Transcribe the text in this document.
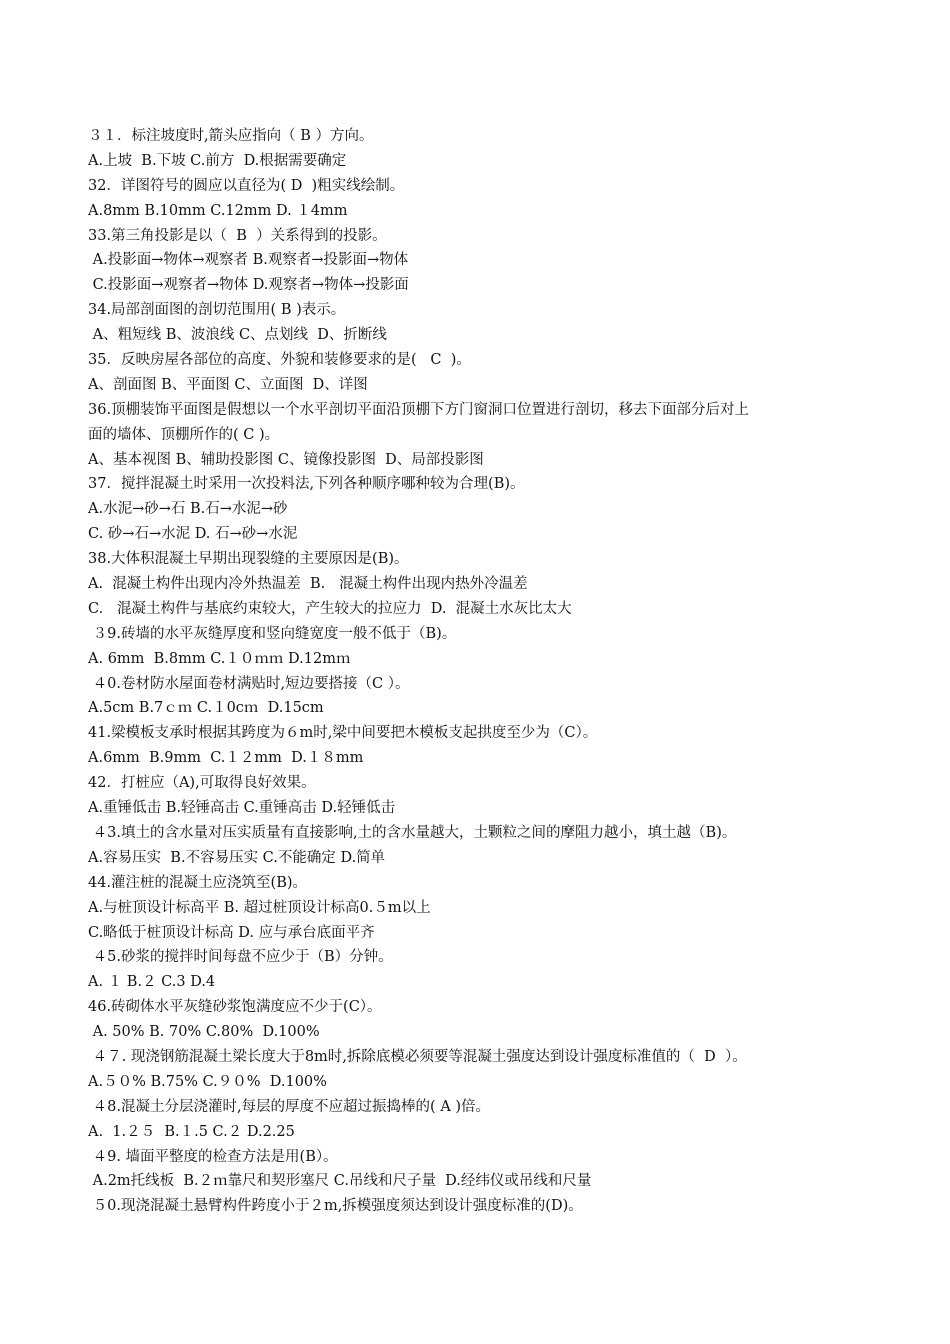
３１．标注坡度时,箭头应指向（ B ）方向。
A.上坡  B.下坡 C.前方  D.根据需要确定
32．详图符号的圆应以直径为( D  )粗实线绘制。
A.8mm B.10mm C.12mm D. １4mm
33.第三角投影是以（  B  ）关系得到的投影。
A.投影面→物体→观察者 B.观察者→投影面→物体
C.投影面→观察者→物体 D.观察者→物体→投影面
34.局部剖面图的剖切范围用( B )表示。
A、粗短线 B、波浪线 C、点划线  D、折断线
35．反映房屋各部位的高度、外貌和装修要求的是(   C  )。
A、剖面图 B、平面图 C、立面图  D、详图
36.顶棚装饰平面图是假想以一个水平剖切平面沿顶棚下方门窗洞口位置进行剖切，移去下面部分后对上
面的墙体、顶棚所作的( C )。
A、基本视图 B、辅助投影图 C、镜像投影图  D、局部投影图
37．搅拌混凝土时采用一次投料法,下列各种顺序哪种较为合理(B)。
A.水泥→砂→石 B.石→水泥→砂
C. 砂→石→水泥 D. 石→砂→水泥
38.大体积混凝土早期出现裂缝的主要原因是(B)。
A.  混凝土构件出现内冷外热温差  B.   混凝土构件出现内热外冷温差
C.   混凝土构件与基底约束较大，产生较大的拉应力  D.  混凝土水灰比太大
３9.砖墙的水平灰缝厚度和竖向缝宽度一般不低于（B)。
A. 6mm  B.8mm C.１０ｍｍ D.12mｍ
４0.卷材防水屋面卷材满贴时,短边要搭接（C ）。
A.5cm B.7ｃｍ C.１0cｍ  D.15cm
41.梁模板支承时根据其跨度为６m时,梁中间要把木模板支起拱度至少为（C）。
A.6mm  B.9mm  C.１２mm  D.１８mm
42．打桩应（A),可取得良好效果。
A.重锤低击 B.轻锤高击 C.重锤高击 D.轻锤低击
４3.填土的含水量对压实质量有直接影响,土的含水量越大，土颗粒之间的摩阻力越小，填土越（B)。
A.容易压实  B.不容易压实 C.不能确定 D.简单
44.灌注桩的混凝土应浇筑至(B)。
A.与桩顶设计标高平 B. 超过桩顶设计标高0.５m以上
C.略低于桩顶设计标高 D. 应与承台底面平齐
４5.砂浆的搅拌时间每盘不应少于（B）分钟。
A. １ B.２ C.3 D.4
46.砖砌体水平灰缝砂浆饱满度应不少于(C）。
A. 50% B. 70% C.80%  D.100%
４７. 现浇钢筋混凝土梁长度大于8m时,拆除底模必须要等混凝土强度达到设计强度标准值的（  D  ）。
A.５０% B.75% C.９０%  D.100%
４8.混凝土分层浇灌时,每层的厚度不应超过振捣棒的( A )倍。
A.  1.２５  B.１.5 C.２ D.2.25
４9. 墙面平整度的检查方法是用(B）。
A.2m托线板  B.２ｍ靠尺和契形塞尺 C.吊线和尺子量  D.经纬仪或吊线和尺量
５0.现浇混凝土悬臂构件跨度小于２m,拆模强度须达到设计强度标准的(D)。
